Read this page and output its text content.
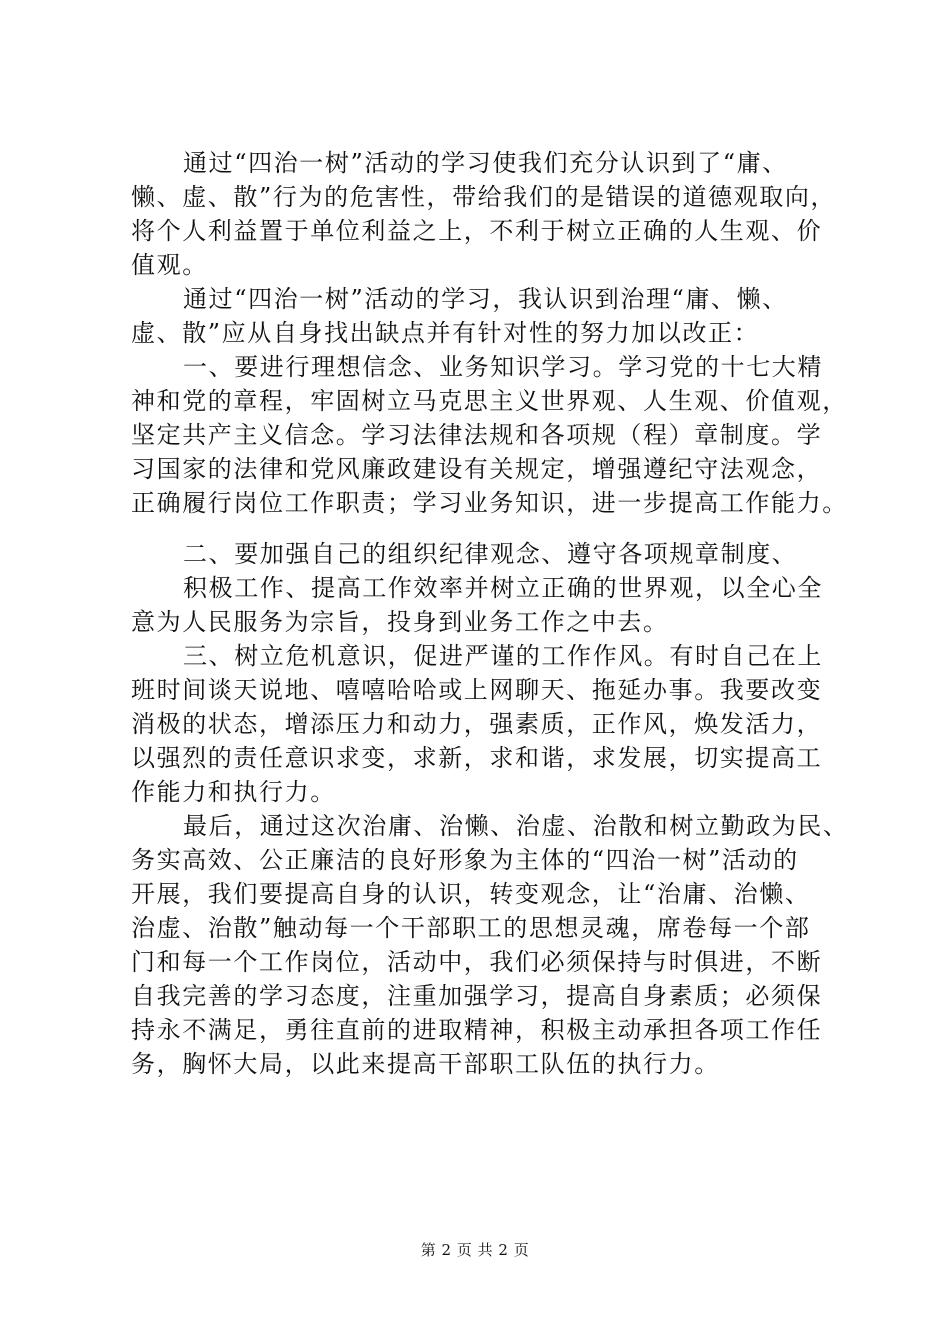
通过“四治一树”活动的学习使我们充分认识到了“庸、
懒、虚、散”行为的危害性，带给我们的是错误的道德观取向，
将个人利益置于单位利益之上，不利于树立正确的人生观、价
值观。
通过“四治一树”活动的学习，我认识到治理“庸、懒、
虚、散”应从自身找出缺点并有针对性的努力加以改正：
一、要进行理想信念、业务知识学习。学习党的十七大精
神和党的章程，牢固树立马克思主义世界观、人生观、价值观，
坚定共产主义信念。学习法律法规和各项规（程）章制度。学
习国家的法律和党风廉政建设有关规定，增强遵纪守法观念，
正确履行岗位工作职责；学习业务知识，进一步提高工作能力。
二、要加强自己的组织纪律观念、遵守各项规章制度、
积极工作、提高工作效率并树立正确的世界观，以全心全
意为人民服务为宗旨，投身到业务工作之中去。
三、树立危机意识，促进严谨的工作作风。有时自己在上
班时间谈天说地、嘻嘻哈哈或上网聊天、拖延办事。我要改变
消极的状态，增添压力和动力，强素质，正作风，焕发活力，
以强烈的责任意识求变，求新，求和谐，求发展，切实提高工
作能力和执行力。
最后，通过这次治庸、治懒、治虚、治散和树立勤政为民、
务实高效、公正廉洁的良好形象为主体的“四治一树”活动的
开展，我们要提高自身的认识，转变观念，让“治庸、治懒、
治虚、治散”触动每一个干部职工的思想灵魂，席卷每一个部
门和每一个工作岗位，活动中，我们必须保持与时俱进，不断
自我完善的学习态度，注重加强学习，提高自身素质；必须保
持永不满足，勇往直前的进取精神，积极主动承担各项工作任
务，胸怀大局，以此来提高干部职工队伍的执行力。
第 2 页 共 2 页
